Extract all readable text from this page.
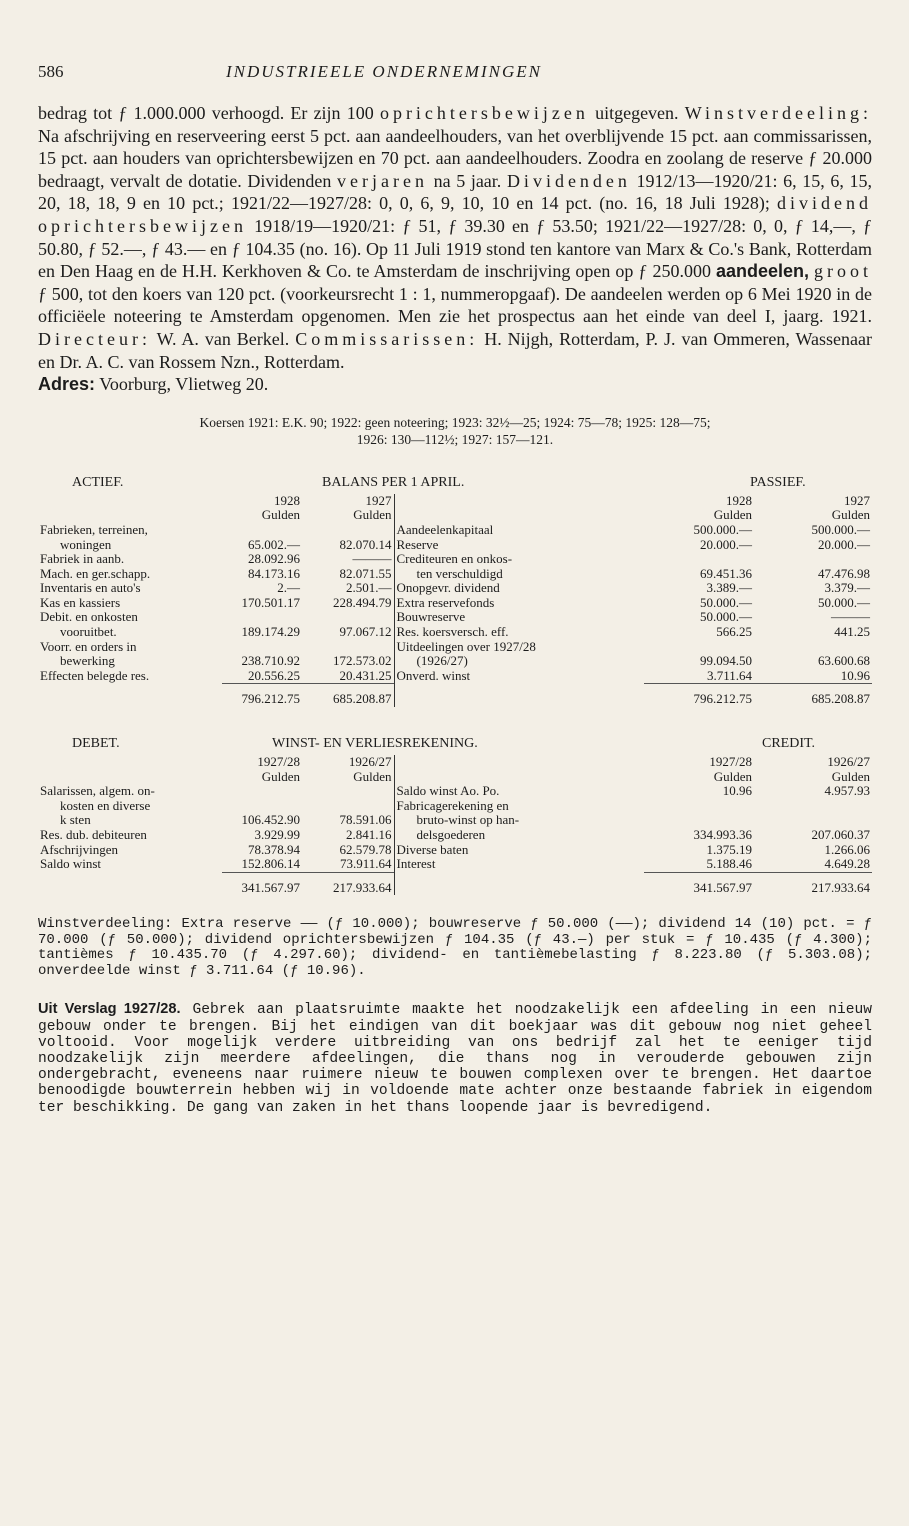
586	INDUSTRIEELE ONDERNEMINGEN

bedrag tot ƒ 1.000.000 verhoogd. Er zijn 100 oprichtersbewijzen uitgegeven. Winstverdeeling: Na afschrijving en reserveering eerst 5 pct. aan aandeelhouders, van het overblijvende 15 pct. aan commissarissen, 15 pct. aan houders van oprichtersbewijzen en 70 pct. aan aandeelhouders. Zoodra en zoolang de reserve ƒ 20.000 bedraagt, vervalt de dotatie. Dividenden verjaren na 5 jaar. Dividenden 1912/13—1920/21: 6, 15, 6, 15, 20, 18, 18, 9 en 10 pct.; 1921/22—1927/28: 0, 0, 6, 9, 10, 10 en 14 pct. (no. 16, 18 Juli 1928); dividend oprichtersbewijzen 1918/19—1920/21: ƒ 51, ƒ 39.30 en ƒ 53.50; 1921/22—1927/28: 0, 0, ƒ 14,—, ƒ 50.80, ƒ 52.—, ƒ 43.— en ƒ 104.35 (no. 16). Op 11 Juli 1919 stond ten kantore van Marx & Co.'s Bank, Rotterdam en Den Haag en de H.H. Kerkhoven & Co. te Amsterdam de inschrijving open op ƒ 250.000 aandeelen, groot ƒ 500, tot den koers van 120 pct. (voorkeursrecht 1 : 1, nummeropgaaf). De aandeelen werden op 6 Mei 1920 in de officiëele noteering te Amsterdam opgenomen. Men zie het prospectus aan het einde van deel I, jaarg. 1921. Directeur: W. A. van Berkel. Commissarissen: H. Nijgh, Rotterdam, P. J. van Ommeren, Wassenaar en Dr. A. C. van Rossem Nzn., Rotterdam.

Adres: Voorburg, Vlietweg 20.

Koersen 1921: E.K. 90; 1922: geen noteering; 1923: 32½—25; 1924: 75—78; 1925: 128—75;
1926: 130—112½; 1927: 157—121.
ACTIEF.	BALANS PER 1 APRIL.	PASSIEF.
	1928	1927		1928	1927
	Gulden	Gulden		Gulden	Gulden
Fabrieken, terreinen,			Aandeelenkapitaal	500.000.—	500.000.—
woningen	65.002.—	82.070.14	Reserve	20.000.—	20.000.—
Fabriek in aanb.	28.092.96	———	Crediteuren en onkos-		
Mach. en ger.schapp.	84.173.16	82.071.55	ten verschuldigd	69.451.36	47.476.98
Inventaris en auto's	2.—	2.501.—	Onopgevr. dividend	3.389.—	3.379.—
Kas en kassiers	170.501.17	228.494.79	Extra reservefonds	50.000.—	50.000.—
Debit. en onkosten			Bouwreserve	50.000.—	———
vooruitbet.	189.174.29	97.067.12	Res. koersversch. eff.	566.25	441.25
Voorr. en orders in			Uitdeelingen over 1927/28		
bewerking	238.710.92	172.573.02	(1926/27)	99.094.50	63.600.68
Effecten belegde res.	20.556.25	20.431.25	Onverd. winst	3.711.64	10.96
	796.212.75	685.208.87		796.212.75	685.208.87
DEBET.	WINST- EN VERLIESREKENING.	CREDIT.
	1927/28	1926/27		1927/28	1926/27
	Gulden	Gulden		Gulden	Gulden
Salarissen, algem. on-			Saldo winst Ao. Po.	10.96	4.957.93
kosten en diverse			Fabricagerekening en		
k sten	106.452.90	78.591.06	bruto-winst op han-		
Res. dub. debiteuren	3.929.99	2.841.16	delsgoederen	334.993.36	207.060.37
Afschrijvingen	78.378.94	62.579.78	Diverse baten	1.375.19	1.266.06
Saldo winst	152.806.14	73.911.64	Interest	5.188.46	4.649.28
	341.567.97	217.933.64		341.567.97	217.933.64
Winstverdeeling: Extra reserve —— (ƒ 10.000); bouwreserve ƒ 50.000 (——); dividend 14 (10) pct. = ƒ 70.000 (ƒ 50.000); dividend oprichtersbewijzen ƒ 104.35 (ƒ 43.—) per stuk = ƒ 10.435 (ƒ 4.300); tantièmes ƒ 10.435.70 (ƒ 4.297.60); dividend- en tantièmebelasting ƒ 8.223.80 (ƒ 5.303.08); onverdeelde winst ƒ 3.711.64 (ƒ 10.96).
Uit Verslag 1927/28. Gebrek aan plaatsruimte maakte het noodzakelijk een afdeeling in een nieuw gebouw onder te brengen. Bij het eindigen van dit boekjaar was dit gebouw nog niet geheel voltooid. Voor mogelijk verdere uitbreiding van ons bedrijf zal het te eeniger tijd noodzakelijk zijn meerdere afdeelingen, die thans nog in verouderde gebouwen zijn ondergebracht, eveneens naar ruimere nieuw te bouwen complexen over te brengen. Het daartoe benoodigde bouwterrein hebben wij in voldoende mate achter onze bestaande fabriek in eigendom ter beschikking. De gang van zaken in het thans loopende jaar is bevredigend.
